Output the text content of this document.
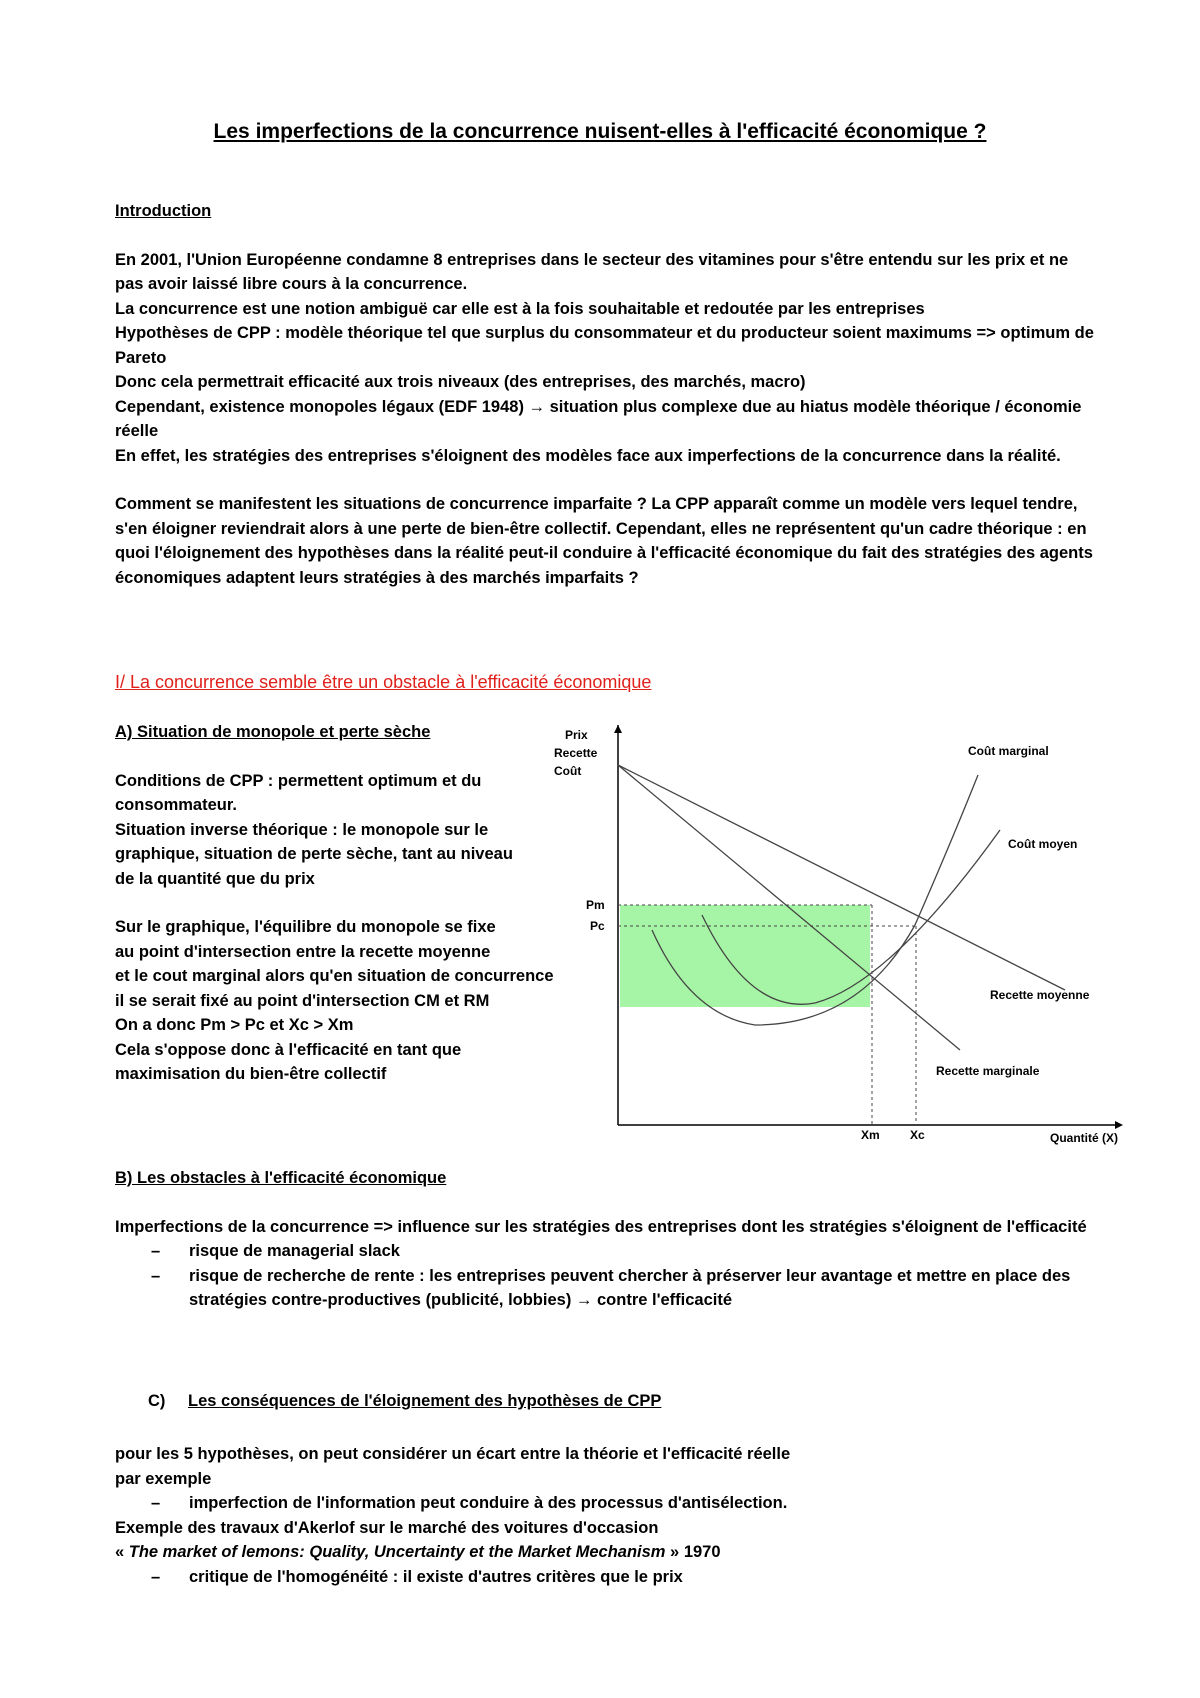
Les imperfections de la concurrence nuisent-elles à l'efficacité économique ?
Introduction
En 2001, l'Union Européenne condamne 8 entreprises dans le secteur des vitamines pour s'être entendu sur les prix et ne pas avoir laissé libre cours à la concurrence.
La concurrence est une notion ambiguë car elle est à la fois souhaitable et redoutée par les entreprises
Hypothèses de CPP : modèle théorique tel que surplus du consommateur et du producteur soient maximums => optimum de Pareto
Donc cela permettrait efficacité aux trois niveaux (des entreprises, des marchés, macro)
Cependant, existence monopoles légaux (EDF 1948) → situation plus complexe due au hiatus modèle théorique / économie réelle
En effet, les stratégies des entreprises s'éloignent des modèles face aux imperfections de la concurrence dans la réalité.
Comment se manifestent les situations de concurrence imparfaite ? La CPP apparaît comme un modèle vers lequel tendre, s'en éloigner reviendrait alors à une perte de bien-être collectif. Cependant, elles ne représentent qu'un cadre théorique : en quoi l'éloignement des hypothèses dans la réalité peut-il conduire à l'efficacité économique du fait des stratégies des agents économiques adaptent leurs stratégies à des marchés imparfaits ?
I/ La concurrence semble être un obstacle à l'efficacité économique
A) Situation de monopole et perte sèche
Conditions de CPP : permettent optimum et du
consommateur.
Situation inverse théorique : le monopole sur le
graphique, situation de perte sèche, tant au niveau
de la quantité que du prix
Sur le graphique, l'équilibre du monopole se fixe
au point d'intersection entre la recette moyenne
et le cout marginal alors qu'en situation de concurrence
il se serait fixé au point d'intersection CM et RM
On a donc Pm > Pc et Xc > Xm
Cela s'oppose donc à l'efficacité en tant que
maximisation du bien-être collectif
Prix
Recette
Coût
Quantité (X)
Pm
Pc
Xm	Xc
Coût marginal
Coût moyen
Recette moyenne
Recette marginale
B) Les obstacles à l'efficacité économique
Imperfections de la concurrence => influence sur les stratégies des entreprises dont les stratégies s'éloignent de l'efficacité
– risque de managerial slack
– risque de recherche de rente : les entreprises peuvent chercher à préserver leur avantage et mettre en place des stratégies contre-productives (publicité, lobbies) → contre l'efficacité
C) Les conséquences de l'éloignement des hypothèses de CPP
pour les 5 hypothèses, on peut considérer un écart entre la théorie et l'efficacité réelle
par exemple
– imperfection de l'information peut conduire à des processus d'antisélection.
Exemple des travaux d'Akerlof sur le marché des voitures d'occasion
« The market of lemons: Quality, Uncertainty et the Market Mechanism » 1970
– critique de l'homogénéité : il existe d'autres critères que le prix
